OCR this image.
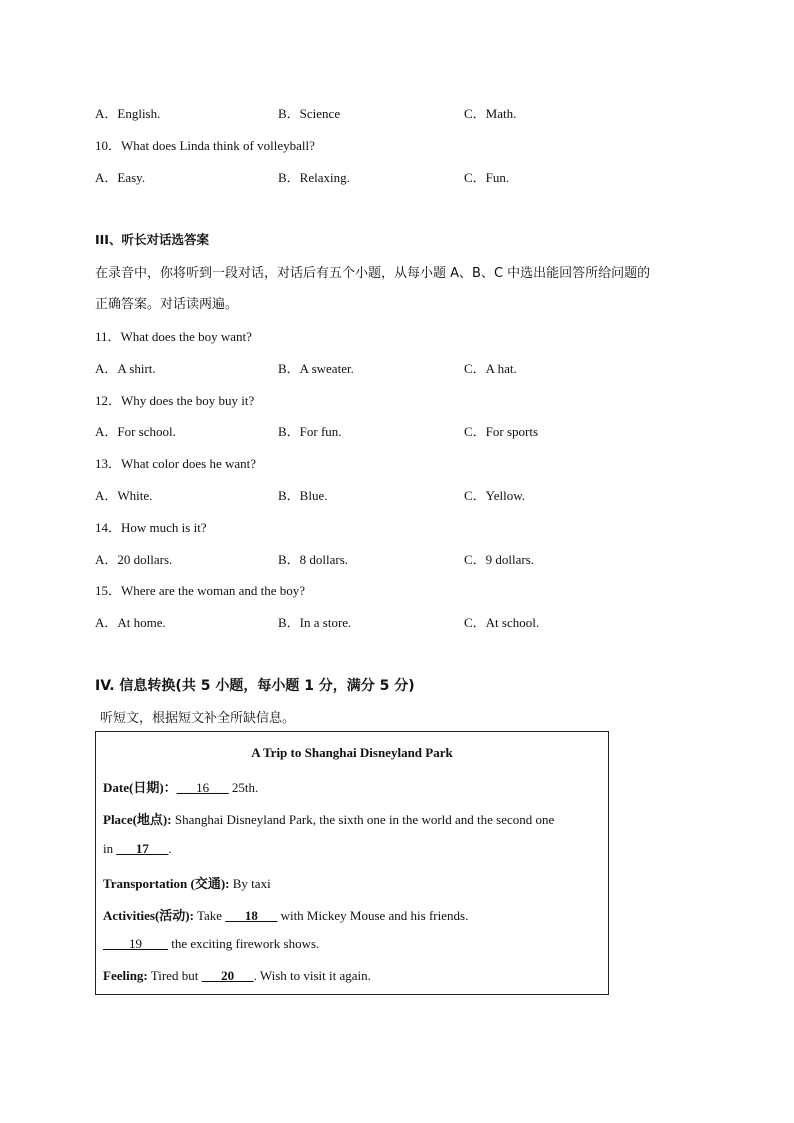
A．English.	B．Science	C．Math.
10．What does Linda think of volleyball?
A．Easy.	B．Relaxing.	C．Fun.
III、听长对话选答案
在录音中，你将听到一段对话，对话后有五个小题，从每小题 A、B、C 中选出能回答所给问题的
正确答案。对话读两遍。
11．What does the boy want?
A．A shirt.	B．A sweater.	C．A hat.
12．Why does the boy buy it?
A．For school.	B．For fun.	C．For sports
13．What color does he want?
A．White.	B．Blue.	C．Yellow.
14．How much is it?
A．20 dollars.	B．8 dollars.	C．9 dollars.
15．Where are the woman and the boy?
A．At home.	B．In a store.	C．At school.
IV. 信息转换(共 5 小题，每小题 1 分，满分 5 分)
听短文，根据短文补全所缺信息。
A Trip to Shanghai Disneyland Park
Date(日期)：___16___ 25th.
Place(地点): Shanghai Disneyland Park, the sixth one in the world and the second one
in ___17___.
Transportation (交通): By taxi
Activities(活动): Take ___18___ with Mickey Mouse and his friends.
____19____ the exciting firework shows.
Feeling: Tired but ___20___. Wish to visit it again.
